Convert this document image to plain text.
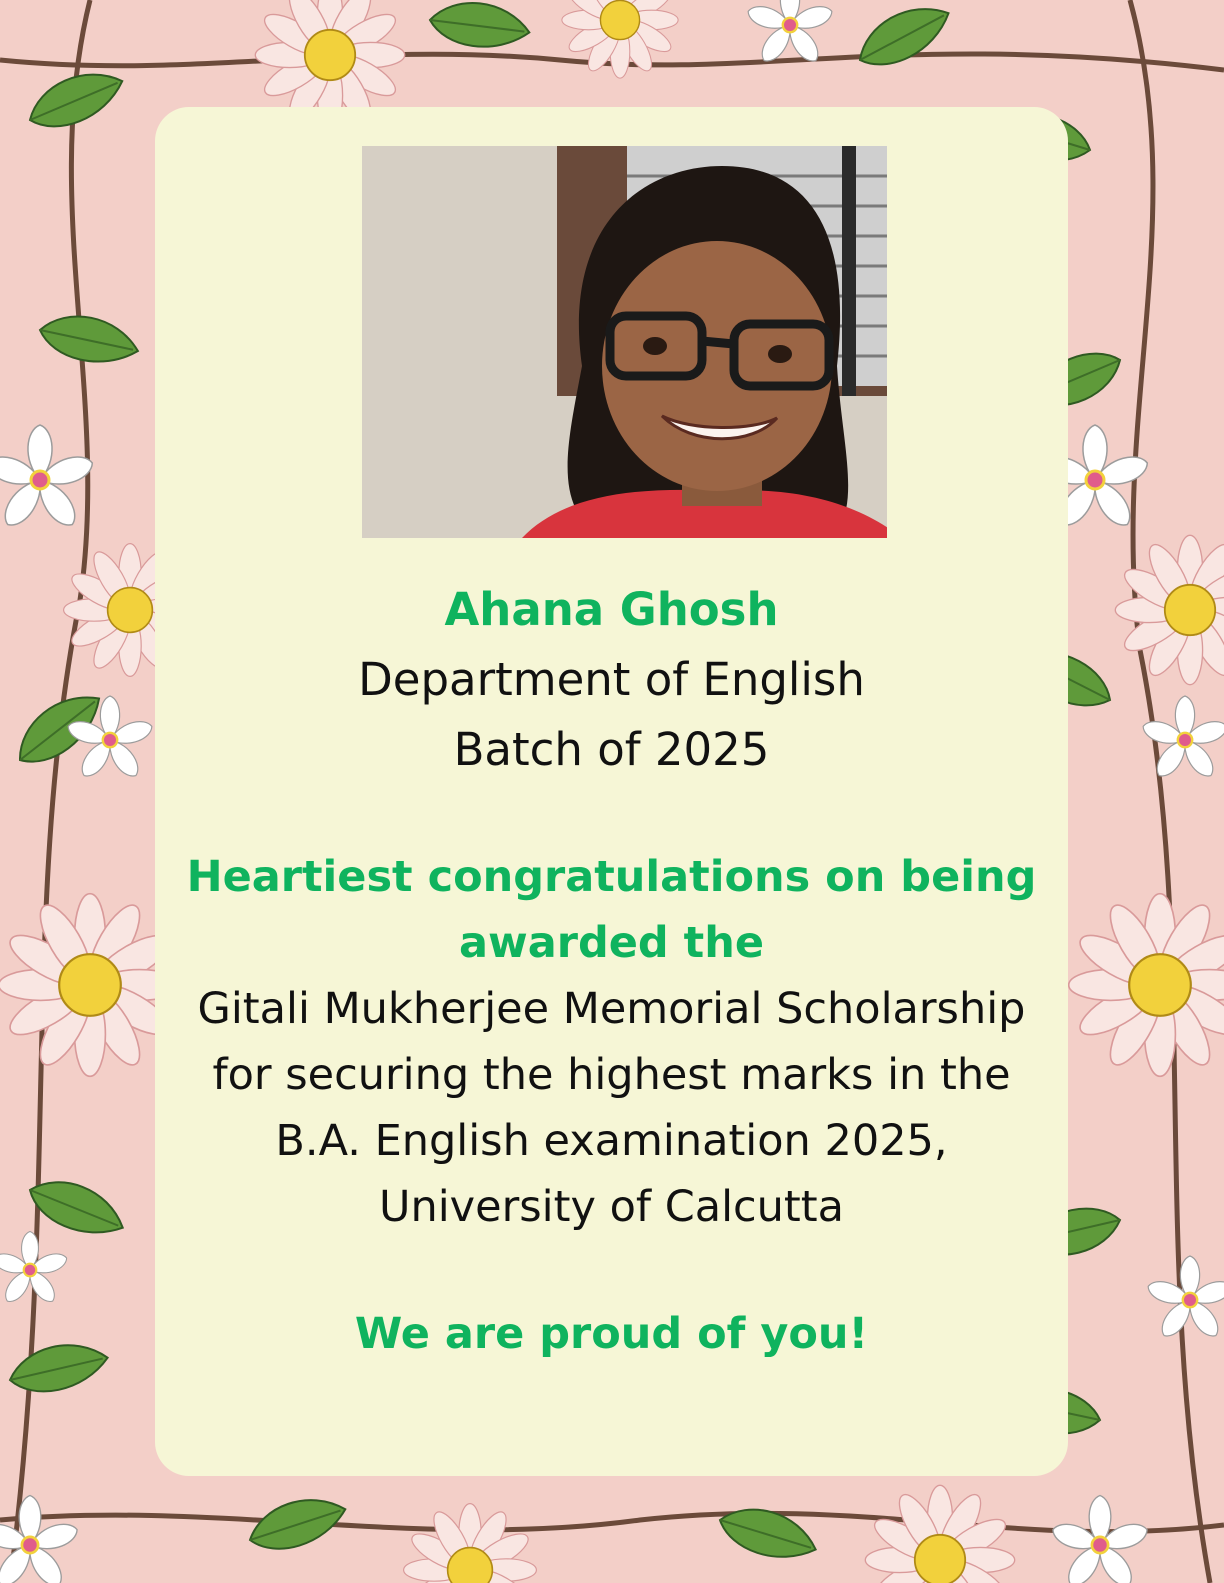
Ahana Ghosh
Department of English
Batch of 2025
Heartiest congratulations on being
awarded the
Gitali Mukherjee Memorial Scholarship
for securing the highest marks in the
B.A. English examination 2025,
University of Calcutta
We are proud of you!
